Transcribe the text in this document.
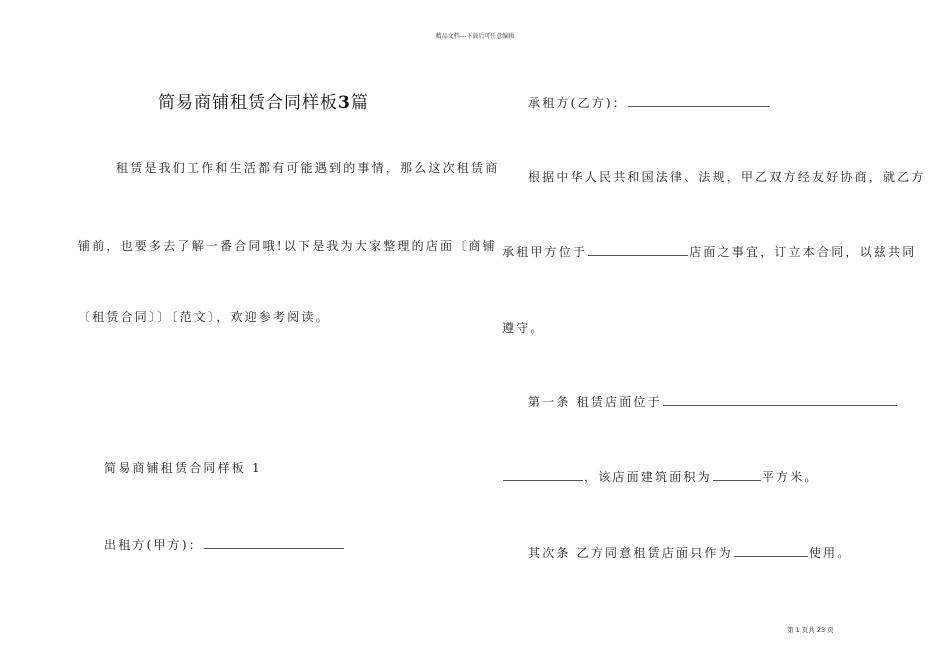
精品文档---下载后可任意编辑
简易商铺租赁合同样板3篇
租赁是我们工作和生活都有可能遇到的事情，那么这次租赁商
铺前，也要多去了解一番合同哦!以下是我为大家整理的店面〔商铺
〔租赁合同〕〕〔范文〕，欢迎参考阅读。
简易商铺租赁合同样板 1
出租方(甲方)：
承租方(乙方)：
根据中华人民共和国法律、法规，甲乙双方经友好协商，就乙方
承租甲方位于	店面之事宜，订立本合同，以兹共同
遵守。
第一条 租赁店面位于
，该店面建筑面积为	平方米。
其次条 乙方同意租赁店面只作为	使用。
第 1 页共 23 页
